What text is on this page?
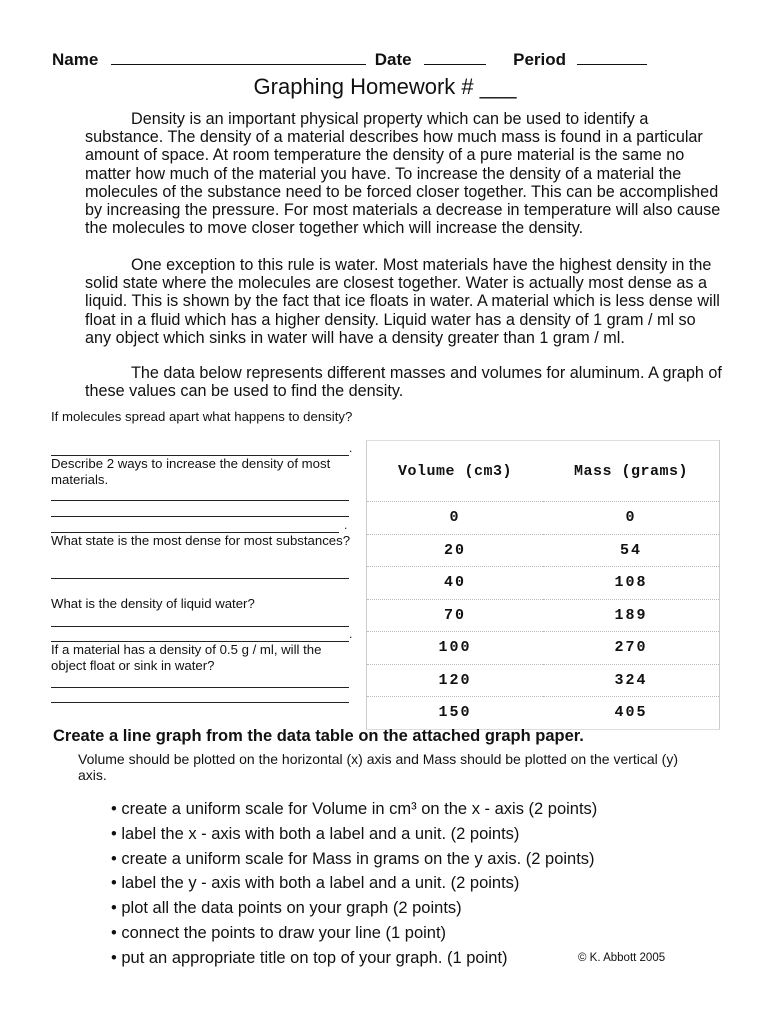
Name	Date	Period
Graphing Homework # ___
Density is an important physical property which can be used to identify a substance. The density of a material describes how much mass is found in a particular amount of space. At room temperature the density of a pure material is the same no matter how much of the material you have. To increase the density of a material the molecules of the substance need to be forced closer together. This can be accomplished by increasing the pressure. For most materials a decrease in temperature will also cause the molecules to move closer together which will increase the density.
One exception to this rule is water. Most materials have the highest density in the solid state where the molecules are closest together. Water is actually most dense as a liquid. This is shown by the fact that ice floats in water. A material which is less dense will float in a fluid which has a higher density. Liquid water has a density of 1 gram / ml so any object which sinks in water will have a density greater than 1 gram / ml.
The data below represents different masses and volumes for aluminum. A graph of these values can be used to find the density.
If molecules spread apart what happens to density?
.
Describe 2 ways to increase the density of most materials.
.
What state is the most dense for most substances?
What is the density of liquid water?
.
If a material has a density of 0.5 g / ml, will the object float or sink in water?
Volume (cm3)	Mass (grams)
0	0
20	54
40	108
70	189
100	270
120	324
150	405
Create a line graph from the data table on the attached graph paper.
Volume should be plotted on the horizontal (x) axis and Mass should be plotted on the vertical (y) axis.
• create a uniform scale for Volume in cm³ on the x - axis (2 points)
• label the x - axis with both a label and a unit. (2 points)
• create a uniform scale for Mass in grams on the y axis. (2 points)
• label the y - axis with both a label and a unit. (2 points)
• plot all the data points on your graph (2 points)
• connect the points to draw your line (1 point)
• put an appropriate title on top of your graph. (1 point)	© K. Abbott 2005
